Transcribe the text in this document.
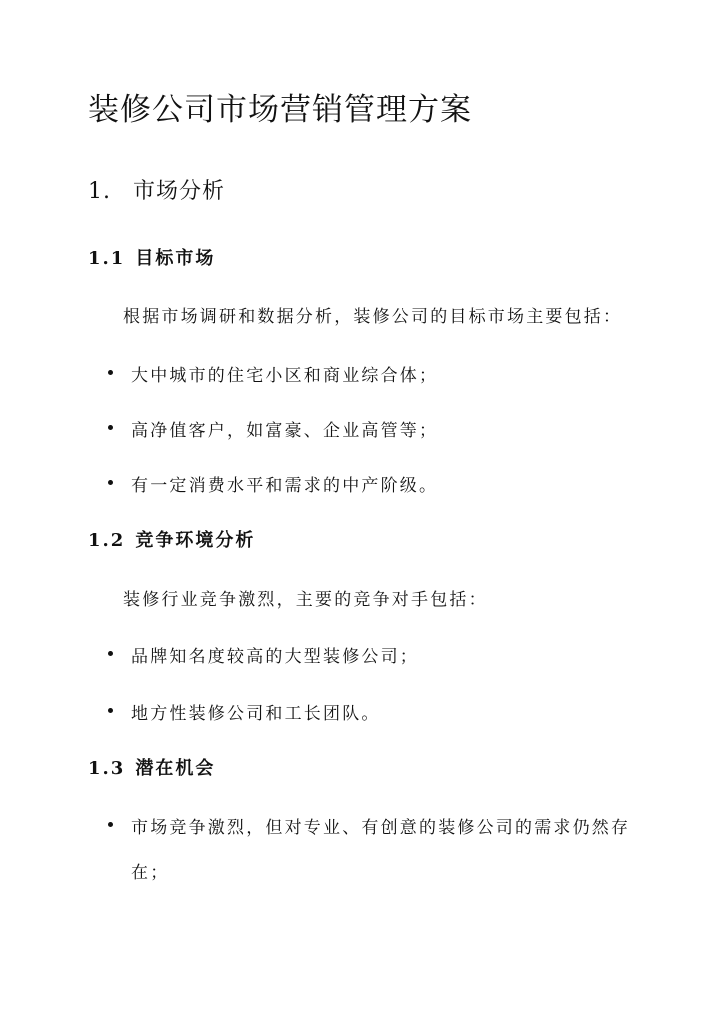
装修公司市场营销管理方案
1. 市场分析
1.1 目标市场

根据市场调研和数据分析，装修公司的目标市场主要包括：

大中城市的住宅小区和商业综合体；
高净值客户，如富豪、企业高管等；
有一定消费水平和需求的中产阶级。
1.2 竞争环境分析

装修行业竞争激烈，主要的竞争对手包括：

品牌知名度较高的大型装修公司；
地方性装修公司和工长团队。
1.3 潜在机会
市场竞争激烈，但对专业、有创意的装修公司的需求仍然存
在；
